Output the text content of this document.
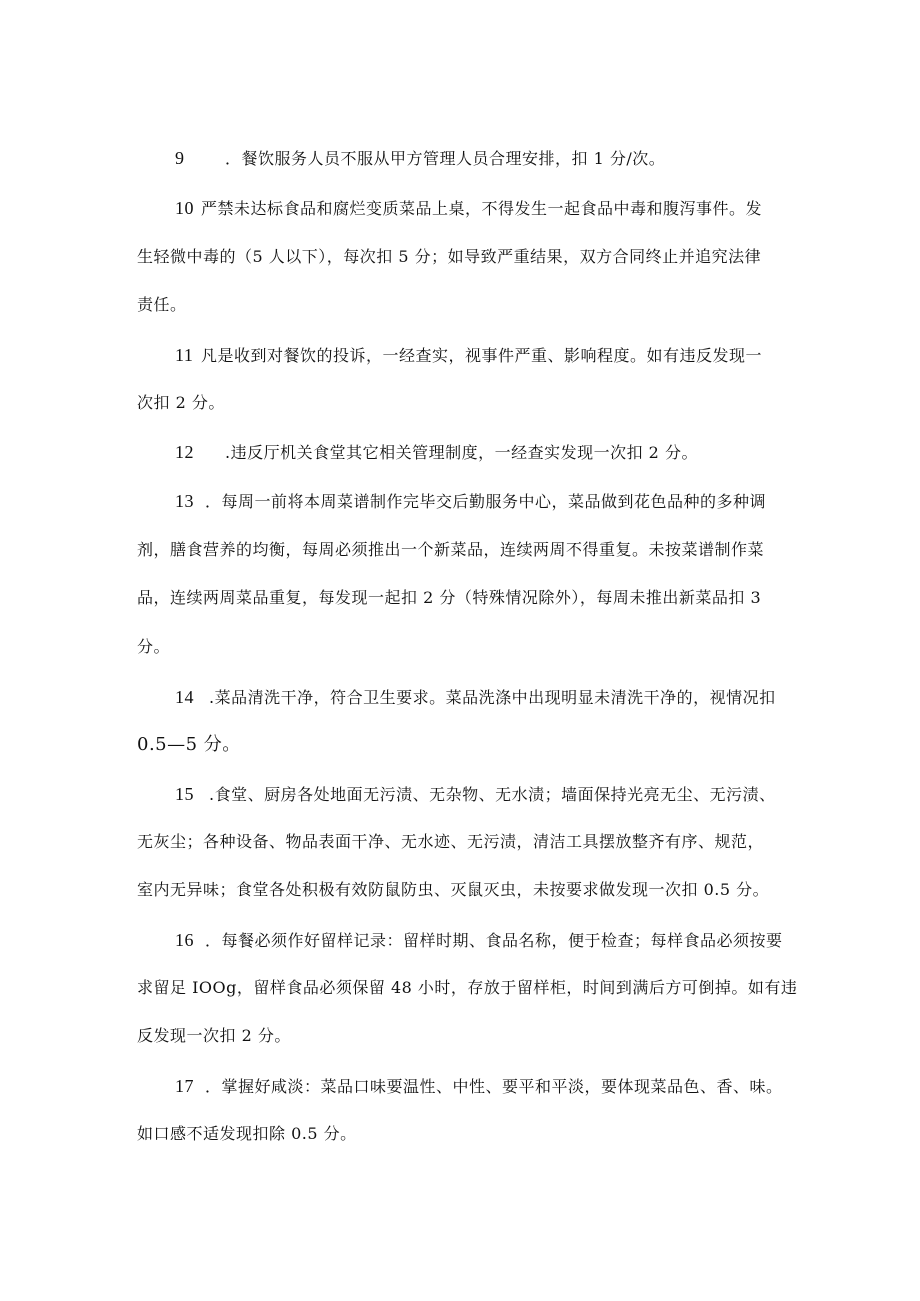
9	．餐饮服务人员不服从甲方管理人员合理安排，扣 1 分/次。
10 严禁未达标食品和腐烂变质菜品上桌，不得发生一起食品中毒和腹泻事件。发
生轻微中毒的（5 人以下），每次扣 5 分；如导致严重结果，双方合同终止并追究法律
责任。
11 凡是收到对餐饮的投诉，一经查实，视事件严重、影响程度。如有违反发现一
次扣 2 分。
12 .违反厅机关食堂其它相关管理制度，一经查实发现一次扣 2 分。
13 ．每周一前将本周菜谱制作完毕交后勤服务中心，菜品做到花色品种的多种调
剂，膳食营养的均衡，每周必须推出一个新菜品，连续两周不得重复。未按菜谱制作菜
品，连续两周菜品重复，每发现一起扣 2 分（特殊情况除外），每周未推出新菜品扣 3
分。
14 .菜品清洗干净，符合卫生要求。菜品洗涤中出现明显未清洗干净的，视情况扣
0.5—5 分。
15 .食堂、厨房各处地面无污渍、无杂物、无水渍；墙面保持光亮无尘、无污渍、
无灰尘；各种设备、物品表面干净、无水迹、无污渍，清洁工具摆放整齐有序、规范，
室内无异味；食堂各处积极有效防鼠防虫、灭鼠灭虫，未按要求做发现一次扣 0.5 分。
16 ．每餐必须作好留样记录：留样时期、食品名称，便于检查；每样食品必须按要
求留足 IOOg，留样食品必须保留 48 小时，存放于留样柜，时间到满后方可倒掉。如有违
反发现一次扣 2 分。
17 ．掌握好咸淡：菜品口味要温性、中性、要平和平淡，要体现菜品色、香、味。
如口感不适发现扣除 0.5 分。
